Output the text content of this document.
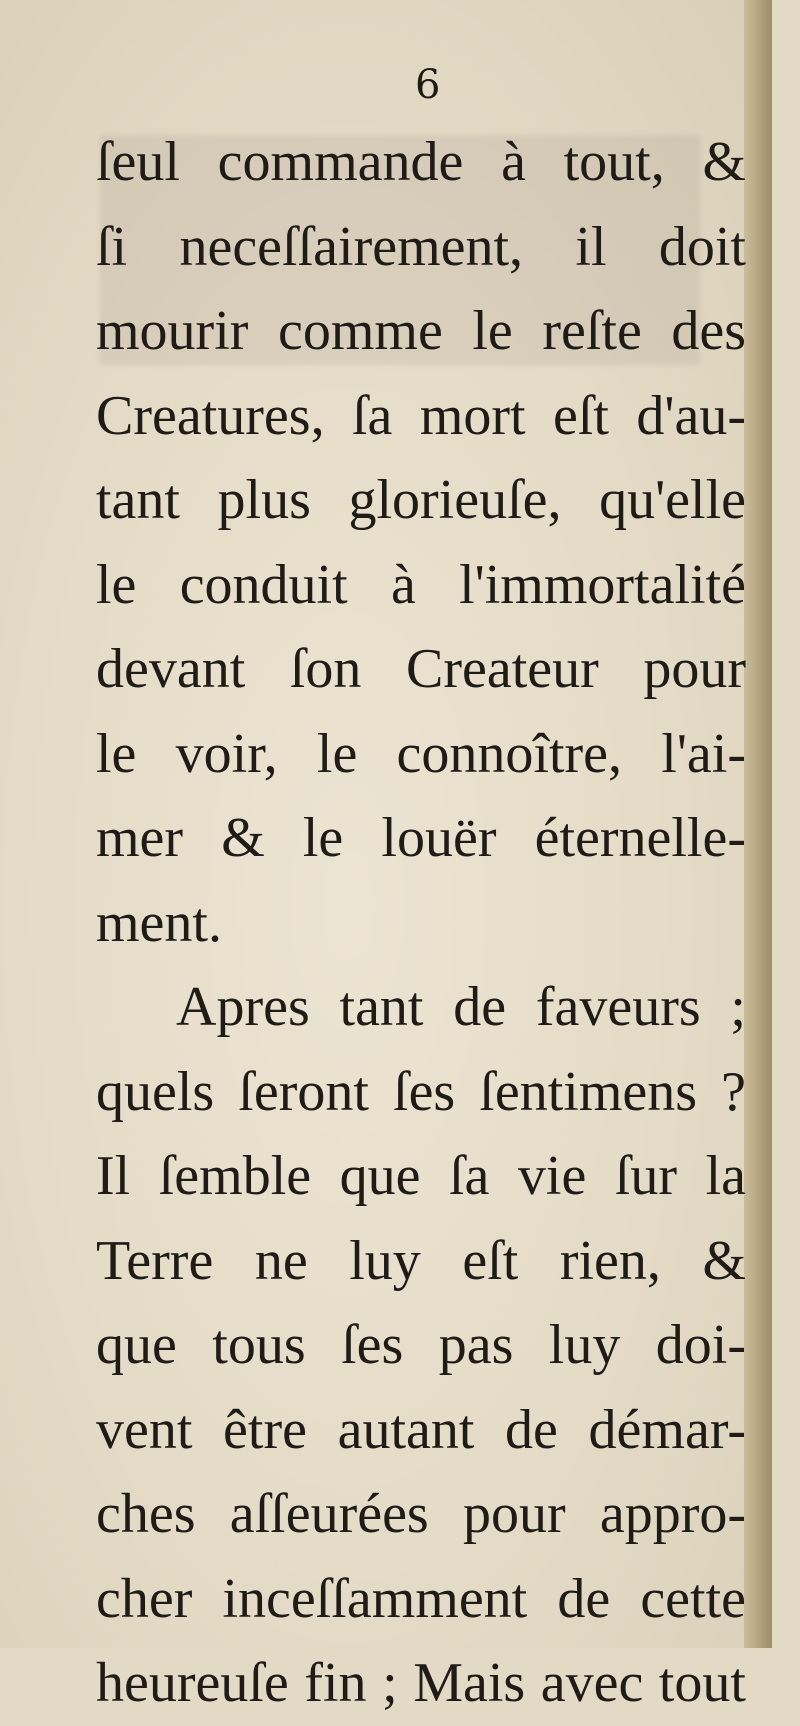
6

ſeul commande à tout, &
ſi neceſſairement, il doit
mourir comme le reſte des
Creatures, ſa mort eſt d'au-
tant plus glorieuſe, qu'elle
le conduit à l'immortalité
devant ſon Createur pour
le voir, le connoître, l'ai-
mer & le louër éternelle-
ment.
Apres tant de faveurs ;
quels ſeront ſes ſentimens ?
Il ſemble que ſa vie ſur la
Terre ne luy eſt rien, &
que tous ſes pas luy doi-
vent être autant de démar-
ches aſſeurées pour appro-
cher inceſſamment de cette
heureuſe fin ; Mais avec tout
